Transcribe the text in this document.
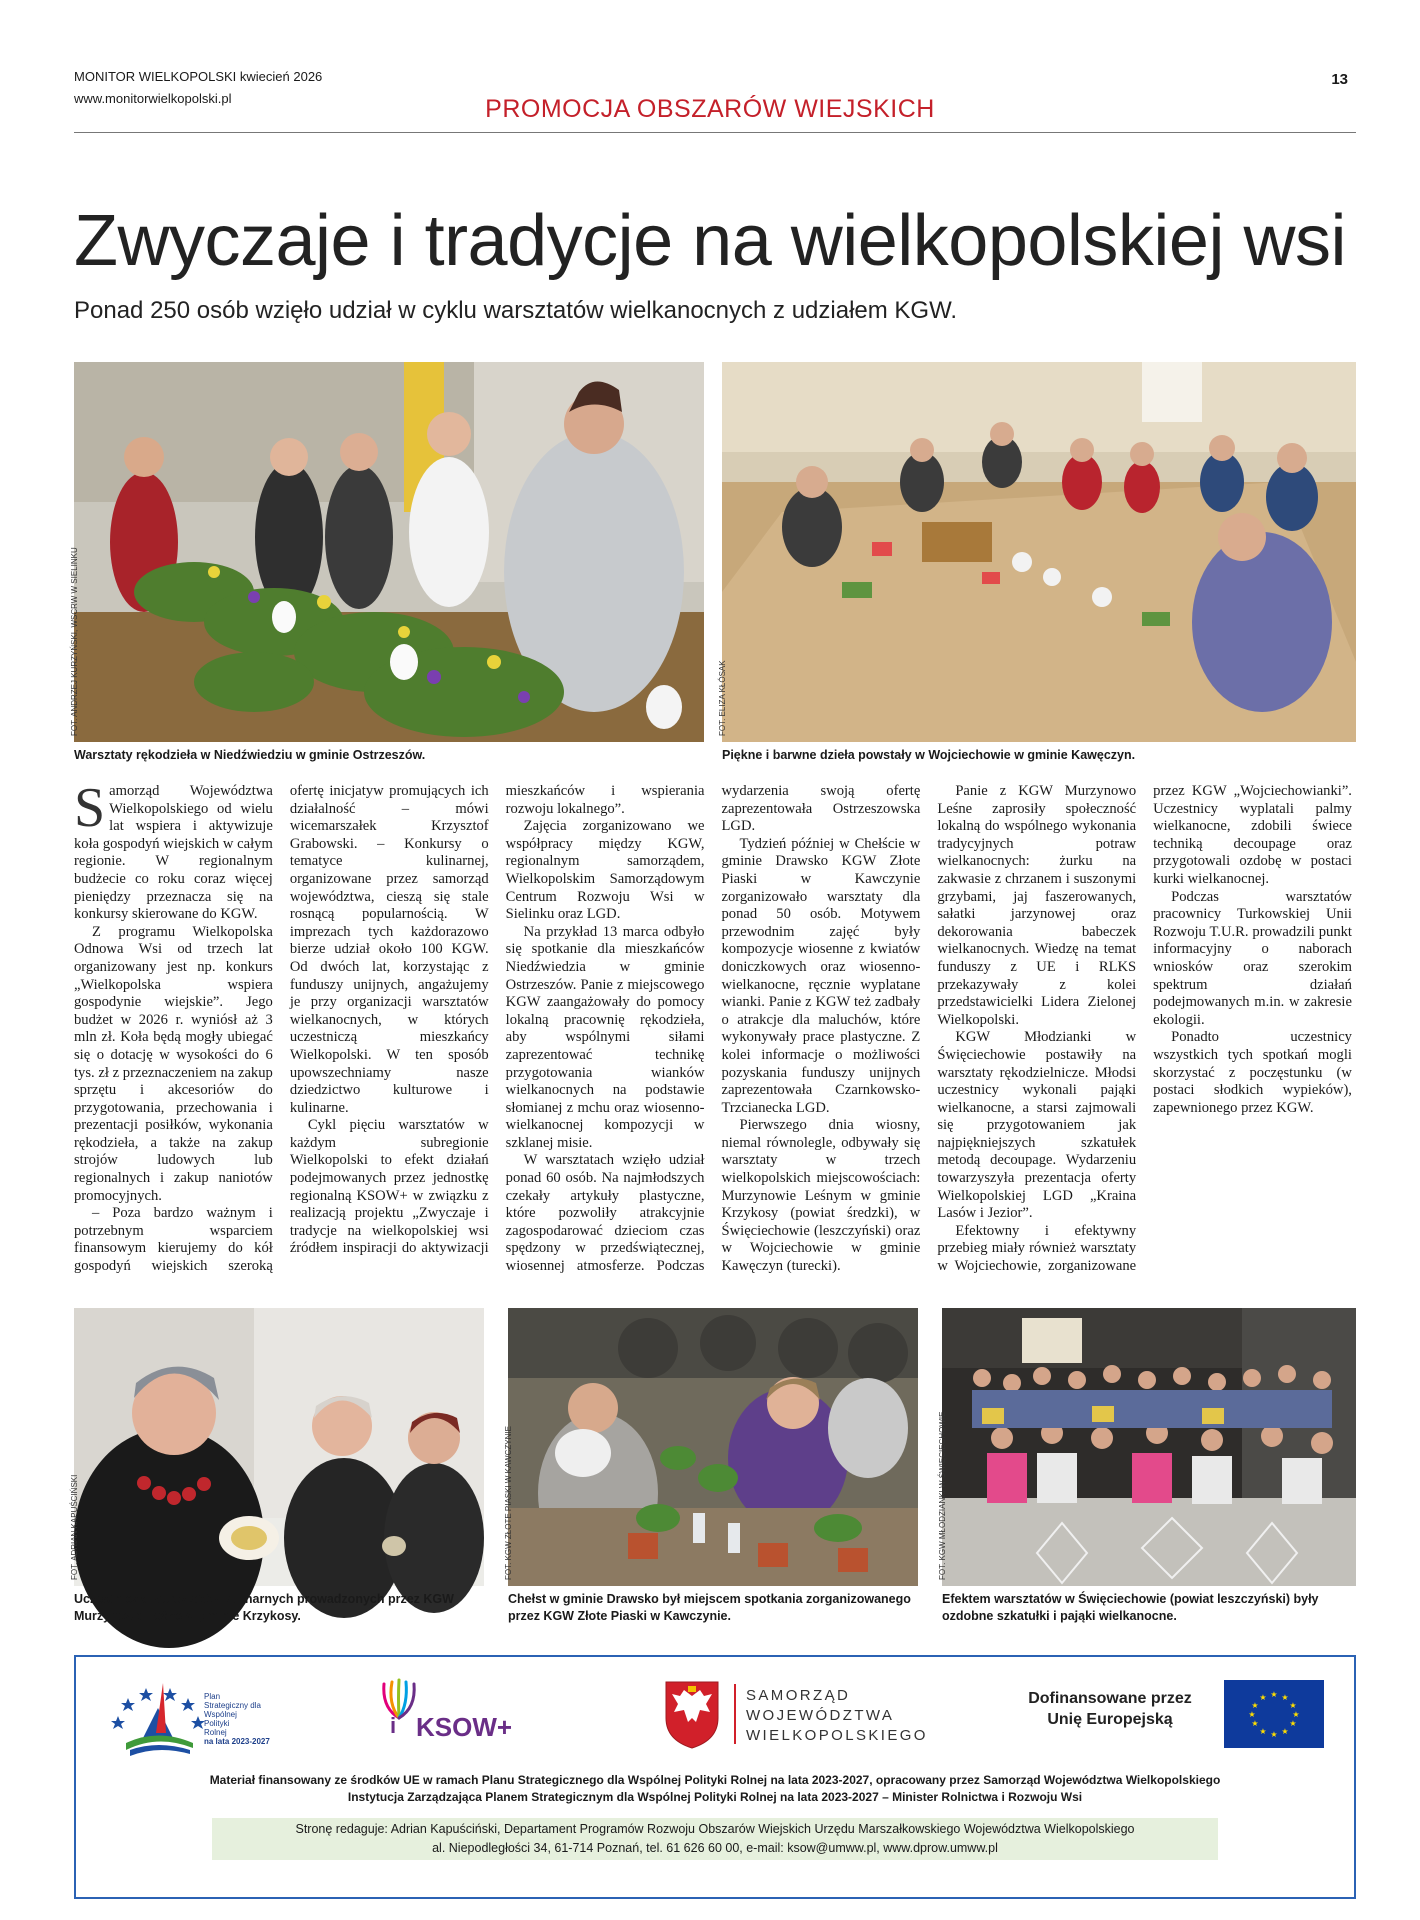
MONITOR WIELKOPOLSKI kwiecień 2026
www.monitorwielkopolski.pl
13
PROMOCJA OBSZARÓW WIEJSKICH
Zwyczaje i tradycje na wielkopolskiej wsi
Ponad 250 osób wzięło udział w cyklu warsztatów wielkanocnych z udziałem KGW.
FOT. ANDRZEJ KURZYŃSKI, WSCRW W SIELINKU
Warsztaty rękodzieła w Niedźwiedziu w gminie Ostrzeszów.
FOT. ELIZA KŁÓSAK
Piękne i barwne dzieła powstały w Wojciechowie w gminie Kawęczyn.

Samorząd Województwa Wielkopolskiego od wielu lat wspiera i aktywizuje koła gospodyń wiejskich w całym regionie. W regionalnym budżecie co roku coraz więcej pieniędzy przeznacza się na konkursy skierowane do KGW.

Z programu Wielkopolska Odnowa Wsi od trzech lat organizowany jest np. konkurs „Wielkopolska wspiera gospodynie wiejskie”. Jego budżet w 2026 r. wyniósł aż 3 mln zł. Koła będą mogły ubiegać się o dotację w wysokości do 6 tys. zł z przeznaczeniem na zakup sprzętu i akcesoriów do przygotowania, przechowania i prezentacji posiłków, wykonania rękodzieła, a także na zakup strojów ludowych lub regionalnych i zakup naniotów promocyjnych.

– Poza bardzo ważnym i potrzebnym wsparciem finansowym kierujemy do kół gospodyń wiejskich szeroką ofertę inicjatyw promujących ich działalność – mówi wicemarszałek Krzysztof Grabowski. – Konkursy o tematyce kulinarnej, organizowane przez samorząd województwa, cieszą się stale rosnącą popularnością. W imprezach tych każdorazowo bierze udział około 100 KGW. Od dwóch lat, korzystając z funduszy unijnych, angażujemy je przy organizacji warsztatów wielkanocnych, w których uczestniczą mieszkańcy Wielkopolski. W ten sposób upowszechniamy nasze dziedzictwo kulturowe i kulinarne.

Cykl pięciu warsztatów w każdym subregionie Wielkopolski to efekt działań podejmowanych przez jednostkę regionalną KSOW+ w związku z realizacją projektu „Zwyczaje i tradycje na wielkopolskiej wsi źródłem inspiracji do aktywizacji mieszkańców i wspierania rozwoju lokalnego”.

Zajęcia zorganizowano we współpracy między KGW, regionalnym samorządem, Wielkopolskim Samorządowym Centrum Rozwoju Wsi w Sielinku oraz LGD.

Na przykład 13 marca odbyło się spotkanie dla mieszkańców Niedźwiedzia w gminie Ostrzeszów. Panie z miejscowego KGW zaangażowały do pomocy lokalną pracownię rękodzieła, aby wspólnymi siłami zaprezentować technikę przygotowania wianków wielkanocnych na podstawie słomianej z mchu oraz wiosenno-wielkanocnej kompozycji w szklanej misie.

W warsztatach wzięło udział ponad 60 osób. Na najmłodszych czekały artykuły plastyczne, które pozwoliły atrakcyjnie zagospodarować dzieciom czas spędzony w przedświątecznej, wiosennej atmosferze. Podczas wydarzenia swoją ofertę zaprezentowała Ostrzeszowska LGD.

Tydzień później w Chełście w gminie Drawsko KGW Złote Piaski w Kawczynie zorganizowało warsztaty dla ponad 50 osób. Motywem przewodnim zajęć były kompozycje wiosenne z kwiatów doniczkowych oraz wiosenno-wielkanocne, ręcznie wyplatane wianki. Panie z KGW też zadbały o atrakcje dla maluchów, które wykonywały prace plastyczne. Z kolei informacje o możliwości pozyskania funduszy unijnych zaprezentowała Czarnkowsko-Trzcianecka LGD.

Pierwszego dnia wiosny, niemal równolegle, odbywały się warsztaty w trzech wielkopolskich miejscowościach: Murzynowie Leśnym w gminie Krzykosy (powiat średzki), w Święciechowie (leszczyński) oraz w Wojciechowie w gminie Kawęczyn (turecki).

Panie z KGW Murzynowo Leśne zaprosiły społeczność lokalną do wspólnego wykonania tradycyjnych potraw wielkanocnych: żurku na zakwasie z chrzanem i suszonymi grzybami, jaj faszerowanych, sałatki jarzynowej oraz dekorowania babeczek wielkanocnych. Wiedzę na temat funduszy z UE i RLKS przekazywały z kolei przedstawicielki Lidera Zielonej Wielkopolski.

KGW Młodzianki w Święciechowie postawiły na warsztaty rękodzielnicze. Młodsi uczestnicy wykonali pająki wielkanocne, a starsi zajmowali się przygotowaniem jak najpiękniejszych szkatułek metodą decoupage. Wydarzeniu towarzyszyła prezentacja oferty Wielkopolskiej LGD „Kraina Lasów i Jezior”.

Efektowny i efektywny przebieg miały również warsztaty w Wojciechowie, zorganizowane przez KGW „Wojciechowianki”. Uczestnicy wyplatali palmy wielkanocne, zdobili świece techniką decoupage oraz przygotowali ozdobę w postaci kurki wielkanocnej.

Podczas warsztatów pracownicy Turkowskiej Unii Rozwoju T.U.R. prowadzili punkt informacyjny o naborach wniosków oraz szerokim spektrum działań podejmowanych m.in. w zakresie ekologii.

Ponadto uczestnicy wszystkich tych spotkań mogli skorzystać z poczęstunku (w postaci słodkich wypieków), zapewnionego przez KGW.

FOT. ADRIAN KAPUŚCIŃSKI
Uczestniczki warsztatów kulinarnych prowadzonych przez KGW Murzynowo Leśne w gminie Krzykosy.
FOT. KGW ZŁOTE PIASKI W KAWCZYNIE
Chełst w gminie Drawsko był miejscem spotkania zorganizowanego przez KGW Złote Piaski w Kawczynie.
FOT. KGW MŁODZIANKI W ŚWIĘCIECHOWIE
Efektem warsztatów w Święciechowie (powiat leszczyński) były ozdobne szkatułki i pająki wielkanocne.
Plan
Strategiczny dla
Wspólnej
Polityki
Rolnej
na lata 2023-2027
i KSOW+
SAMORZĄD
WOJEWÓDZTWA
WIELKOPOLSKIEGO
Dofinansowane przez
Unię Europejską
★ ★
★
★
★
★
★
★
★
★
★
★
Materiał finansowany ze środków UE w ramach Planu Strategicznego dla Wspólnej Polityki Rolnej na lata 2023-2027, opracowany przez Samorząd Województwa Wielkopolskiego
Instytucja Zarządzająca Planem Strategicznym dla Wspólnej Polityki Rolnej na lata 2023-2027 – Minister Rolnictwa i Rozwoju Wsi
Stronę redaguje: Adrian Kapuściński, Departament Programów Rozwoju Obszarów Wiejskich Urzędu Marszałkowskiego Województwa Wielkopolskiego
al. Niepodległości 34, 61-714 Poznań, tel. 61 626 60 00, e-mail: ksow@umww.pl, www.dprow.umww.pl
